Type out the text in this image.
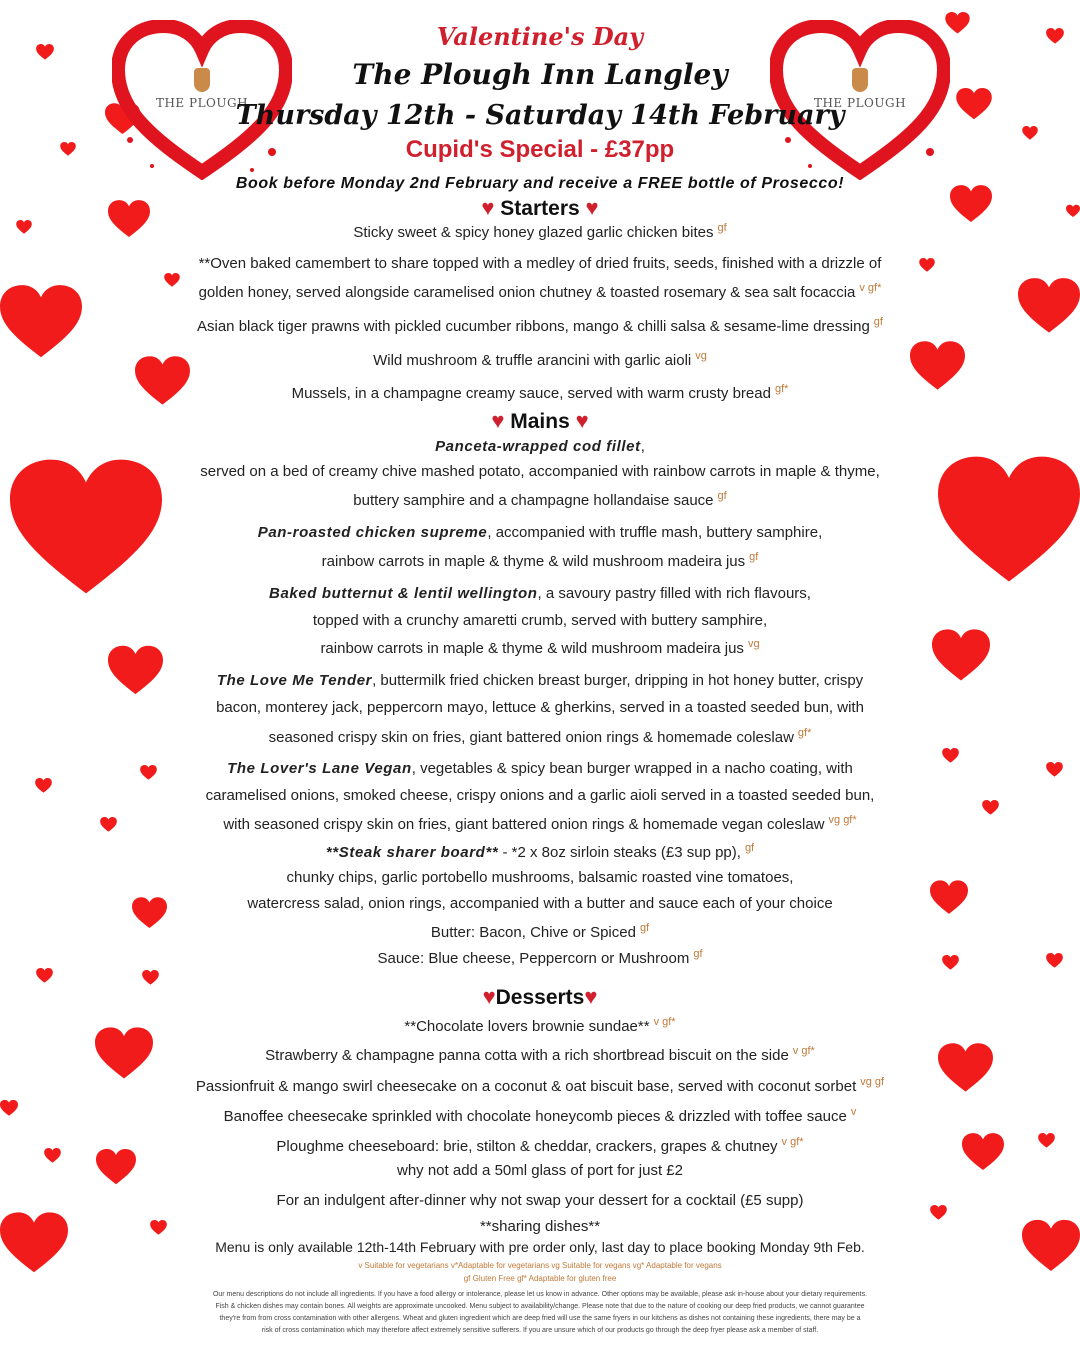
THE PLOUGH	THE PLOUGH
Valentine's Day
The Plough Inn Langley
Thursday 12th - Saturday 14th February
Cupid's Special - £37pp
Book before Monday 2nd February and receive a FREE bottle of Prosecco!
♥ Starters ♥
Sticky sweet & spicy honey glazed garlic chicken bites $^{gf}$
**Oven baked camembert to share topped with a medley of dried fruits, seeds, finished with a drizzle of
golden honey, served alongside caramelised onion chutney & toasted rosemary & sea salt focaccia $^{v gf*}$
Asian black tiger prawns with pickled cucumber ribbons, mango & chilli salsa & sesame-lime dressing $^{gf}$
Wild mushroom & truffle arancini with garlic aioli $^{vg}$
Mussels, in a champagne creamy sauce, served with warm crusty bread $^{gf*}$
♥ Mains ♥
Panceta-wrapped cod fillet,
served on a bed of creamy chive mashed potato, accompanied with rainbow carrots in maple & thyme,
buttery samphire and a champagne hollandaise sauce $^{gf}$
Pan-roasted chicken supreme, accompanied with truffle mash, buttery samphire,
rainbow carrots in maple & thyme & wild mushroom madeira jus $^{gf}$
Baked butternut & lentil wellington, a savoury pastry filled with rich flavours,
topped with a crunchy amaretti crumb, served with buttery samphire,
rainbow carrots in maple & thyme & wild mushroom madeira jus $^{vg}$
The Love Me Tender, buttermilk fried chicken breast burger, dripping in hot honey butter, crispy
bacon, monterey jack, peppercorn mayo, lettuce & gherkins, served in a toasted seeded bun, with
seasoned crispy skin on fries, giant battered onion rings & homemade coleslaw $^{gf*}$
The Lover's Lane Vegan, vegetables & spicy bean burger wrapped in a nacho coating, with
caramelised onions, smoked cheese, crispy onions and a garlic aioli served in a toasted seeded bun,
with seasoned crispy skin on fries, giant battered onion rings & homemade vegan coleslaw $^{vg gf*}$
**Steak sharer board** - *2 x 8oz sirloin steaks (£3 sup pp), $^{gf}$
chunky chips, garlic portobello mushrooms, balsamic roasted vine tomatoes,
watercress salad, onion rings, accompanied with a butter and sauce each of your choice
Butter: Bacon, Chive or Spiced $^{gf}$
Sauce: Blue cheese, Peppercorn or Mushroom $^{gf}$
♥Desserts♥
**Chocolate lovers brownie sundae** $^{v gf*}$
Strawberry & champagne panna cotta with a rich shortbread biscuit on the side $^{v gf*}$
Passionfruit & mango swirl cheesecake on a coconut & oat biscuit base, served with coconut sorbet $^{vg gf}$
Banoffee cheesecake sprinkled with chocolate honeycomb pieces & drizzled with toffee sauce $^v$
Ploughme cheeseboard: brie, stilton & cheddar, crackers, grapes & chutney $^{v gf*}$
why not add a 50ml glass of port for just £2
For an indulgent after-dinner why not swap your dessert for a cocktail (£5 supp)
**sharing dishes**
Menu is only available 12th-14th February with pre order only, last day to place booking Monday 9th Feb.
v Suitable for vegetarians v*Adaptable for vegetarians vg Suitable for vegans vg* Adaptable for vegans
gf Gluten Free gf* Adaptable for gluten free
Our menu descriptions do not include all ingredients. If you have a food allergy or intolerance, please let us know in advance. Other options may be available, please ask in-house about your dietary requirements.
Fish & chicken dishes may contain bones. All weights are approximate uncooked. Menu subject to availability/change. Please note that due to the nature of cooking our deep fried products, we cannot guarantee
they're from from cross contamination with other allergens. Wheat and gluten ingredient which are deep fried will use the same fryers in our kitchens as dishes not containing these ingredients, there may be a
risk of cross contamination which may therefore affect extremely sensitive sufferers. If you are unsure which of our products go through the deep fryer please ask a member of staff.
